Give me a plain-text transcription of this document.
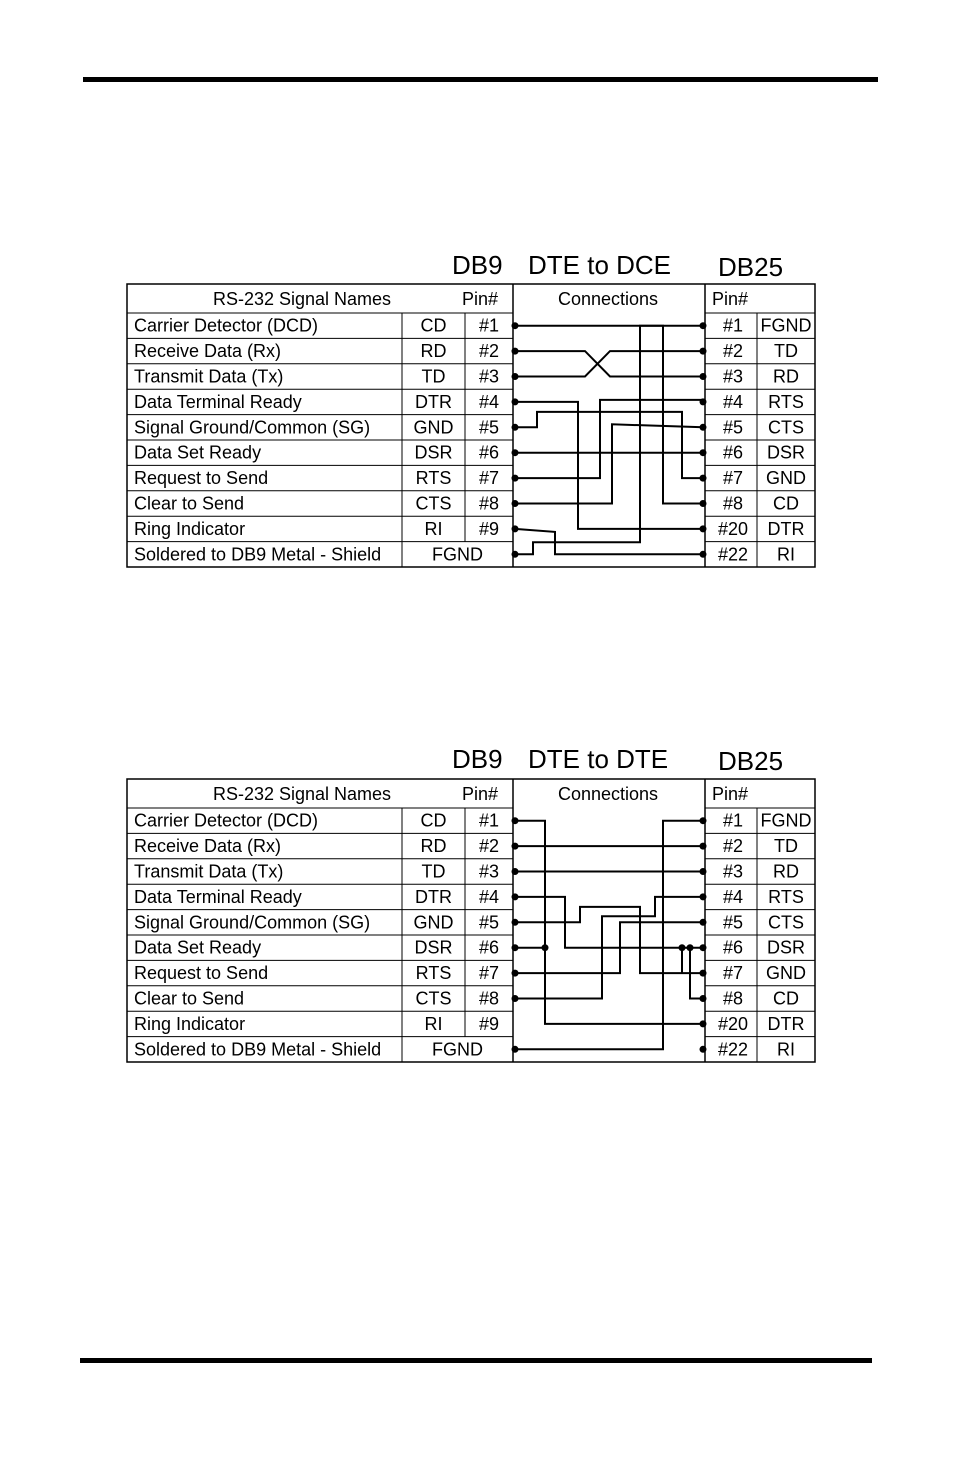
DB9 DTE to DCE DB25
RS-232 Signal Names	Pin#	Connections	Pin#
Carrier Detector (DCD)	CD #1	#1 FGND
Receive Data (Rx)	RD #2	#2 TD
Transmit Data (Tx)	TD #3	#3 RD
Data Terminal Ready	DTR #4	#4 RTS
Signal Ground/Common (SG) GND #5	#5 CTS
Data Set Ready	DSR #6	#6 DSR
Request to Send	RTS #7	#7 GND
Clear to Send	CTS #8	#8 CD
Ring Indicator	RI #9	#20 DTR
Soldered to DB9 Metal - Shield	FGND	#22 RI
DB9 DTE to DTE DB25
RS-232 Signal Names	Pin#	Connections	Pin#
Carrier Detector (DCD)	CD #1	#1 FGND
Receive Data (Rx)	RD #2	#2 TD
Transmit Data (Tx)	TD #3	#3 RD
Data Terminal Ready	DTR #4	#4 RTS
Signal Ground/Common (SG) GND #5	#5 CTS
Data Set Ready	DSR #6	#6 DSR
Request to Send	RTS #7	#7 GND
Clear to Send	CTS #8	#8 CD
Ring Indicator	RI #9	#20 DTR
Soldered to DB9 Metal - Shield	FGND	#22 RI
